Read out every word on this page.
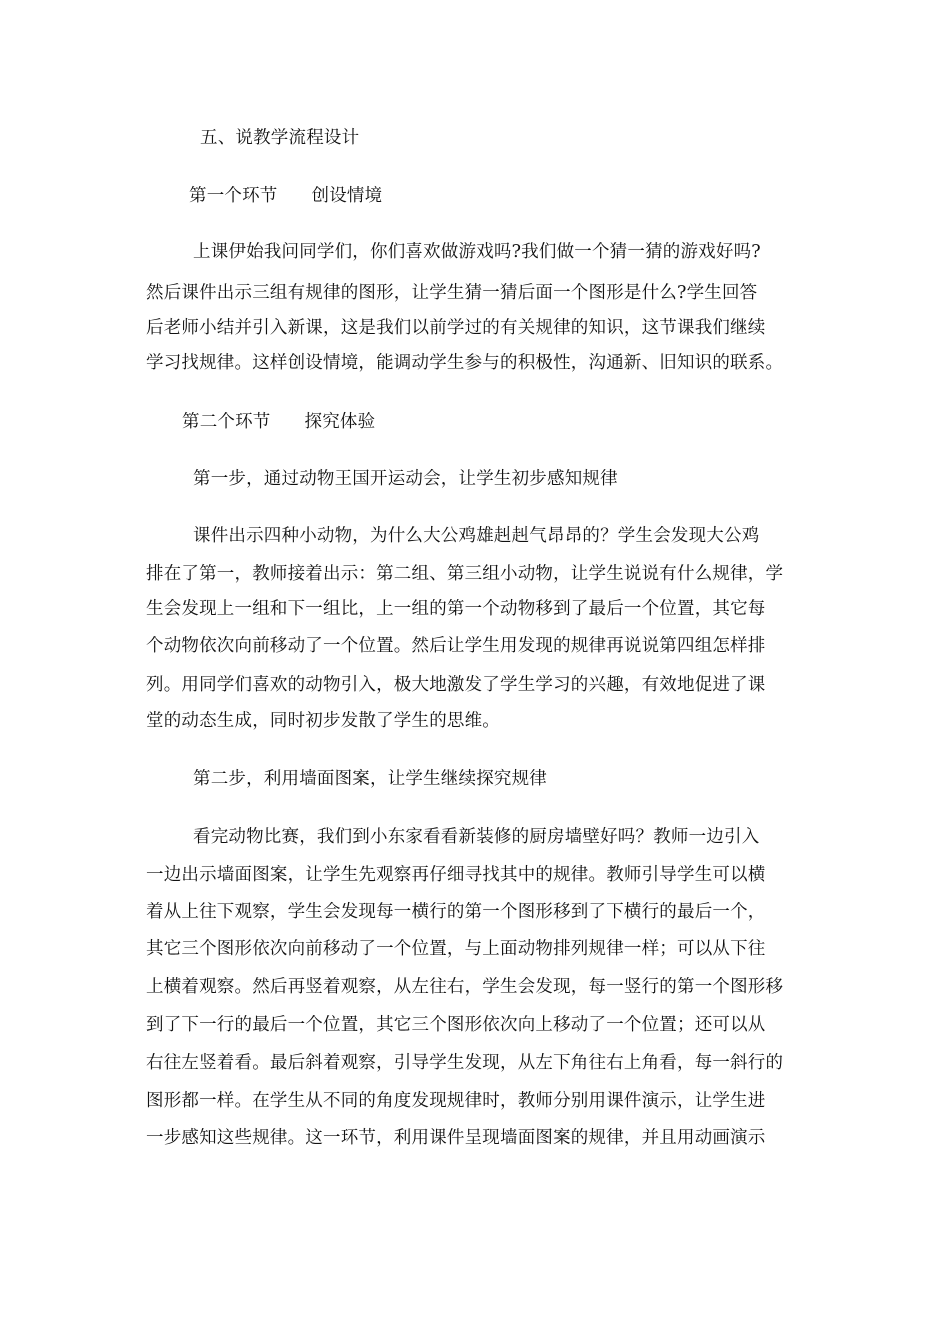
五、说教学流程设计
第一个环节 创设情境
上课伊始我问同学们，你们喜欢做游戏吗?我们做一个猜一猜的游戏好吗?
然后课件出示三组有规律的图形，让学生猜一猜后面一个图形是什么?学生回答
后老师小结并引入新课，这是我们以前学过的有关规律的知识，这节课我们继续
学习找规律。这样创设情境，能调动学生参与的积极性，沟通新、旧知识的联系。
第二个环节 探究体验
第一步，通过动物王国开运动会，让学生初步感知规律
课件出示四种小动物，为什么大公鸡雄赳赳气昂昂的？学生会发现大公鸡
排在了第一，教师接着出示：第二组、第三组小动物，让学生说说有什么规律，学
生会发现上一组和下一组比，上一组的第一个动物移到了最后一个位置，其它每
个动物依次向前移动了一个位置。然后让学生用发现的规律再说说第四组怎样排
列。用同学们喜欢的动物引入，极大地激发了学生学习的兴趣，有效地促进了课
堂的动态生成，同时初步发散了学生的思维。
第二步，利用墙面图案，让学生继续探究规律
看完动物比赛，我们到小东家看看新装修的厨房墙壁好吗？教师一边引入
一边出示墙面图案，让学生先观察再仔细寻找其中的规律。教师引导学生可以横
着从上往下观察，学生会发现每一横行的第一个图形移到了下横行的最后一个，
其它三个图形依次向前移动了一个位置，与上面动物排列规律一样；可以从下往
上横着观察。然后再竖着观察，从左往右，学生会发现，每一竖行的第一个图形移
到了下一行的最后一个位置，其它三个图形依次向上移动了一个位置；还可以从
右往左竖着看。最后斜着观察，引导学生发现，从左下角往右上角看，每一斜行的
图形都一样。在学生从不同的角度发现规律时，教师分别用课件演示，让学生进
一步感知这些规律。这一环节，利用课件呈现墙面图案的规律，并且用动画演示
